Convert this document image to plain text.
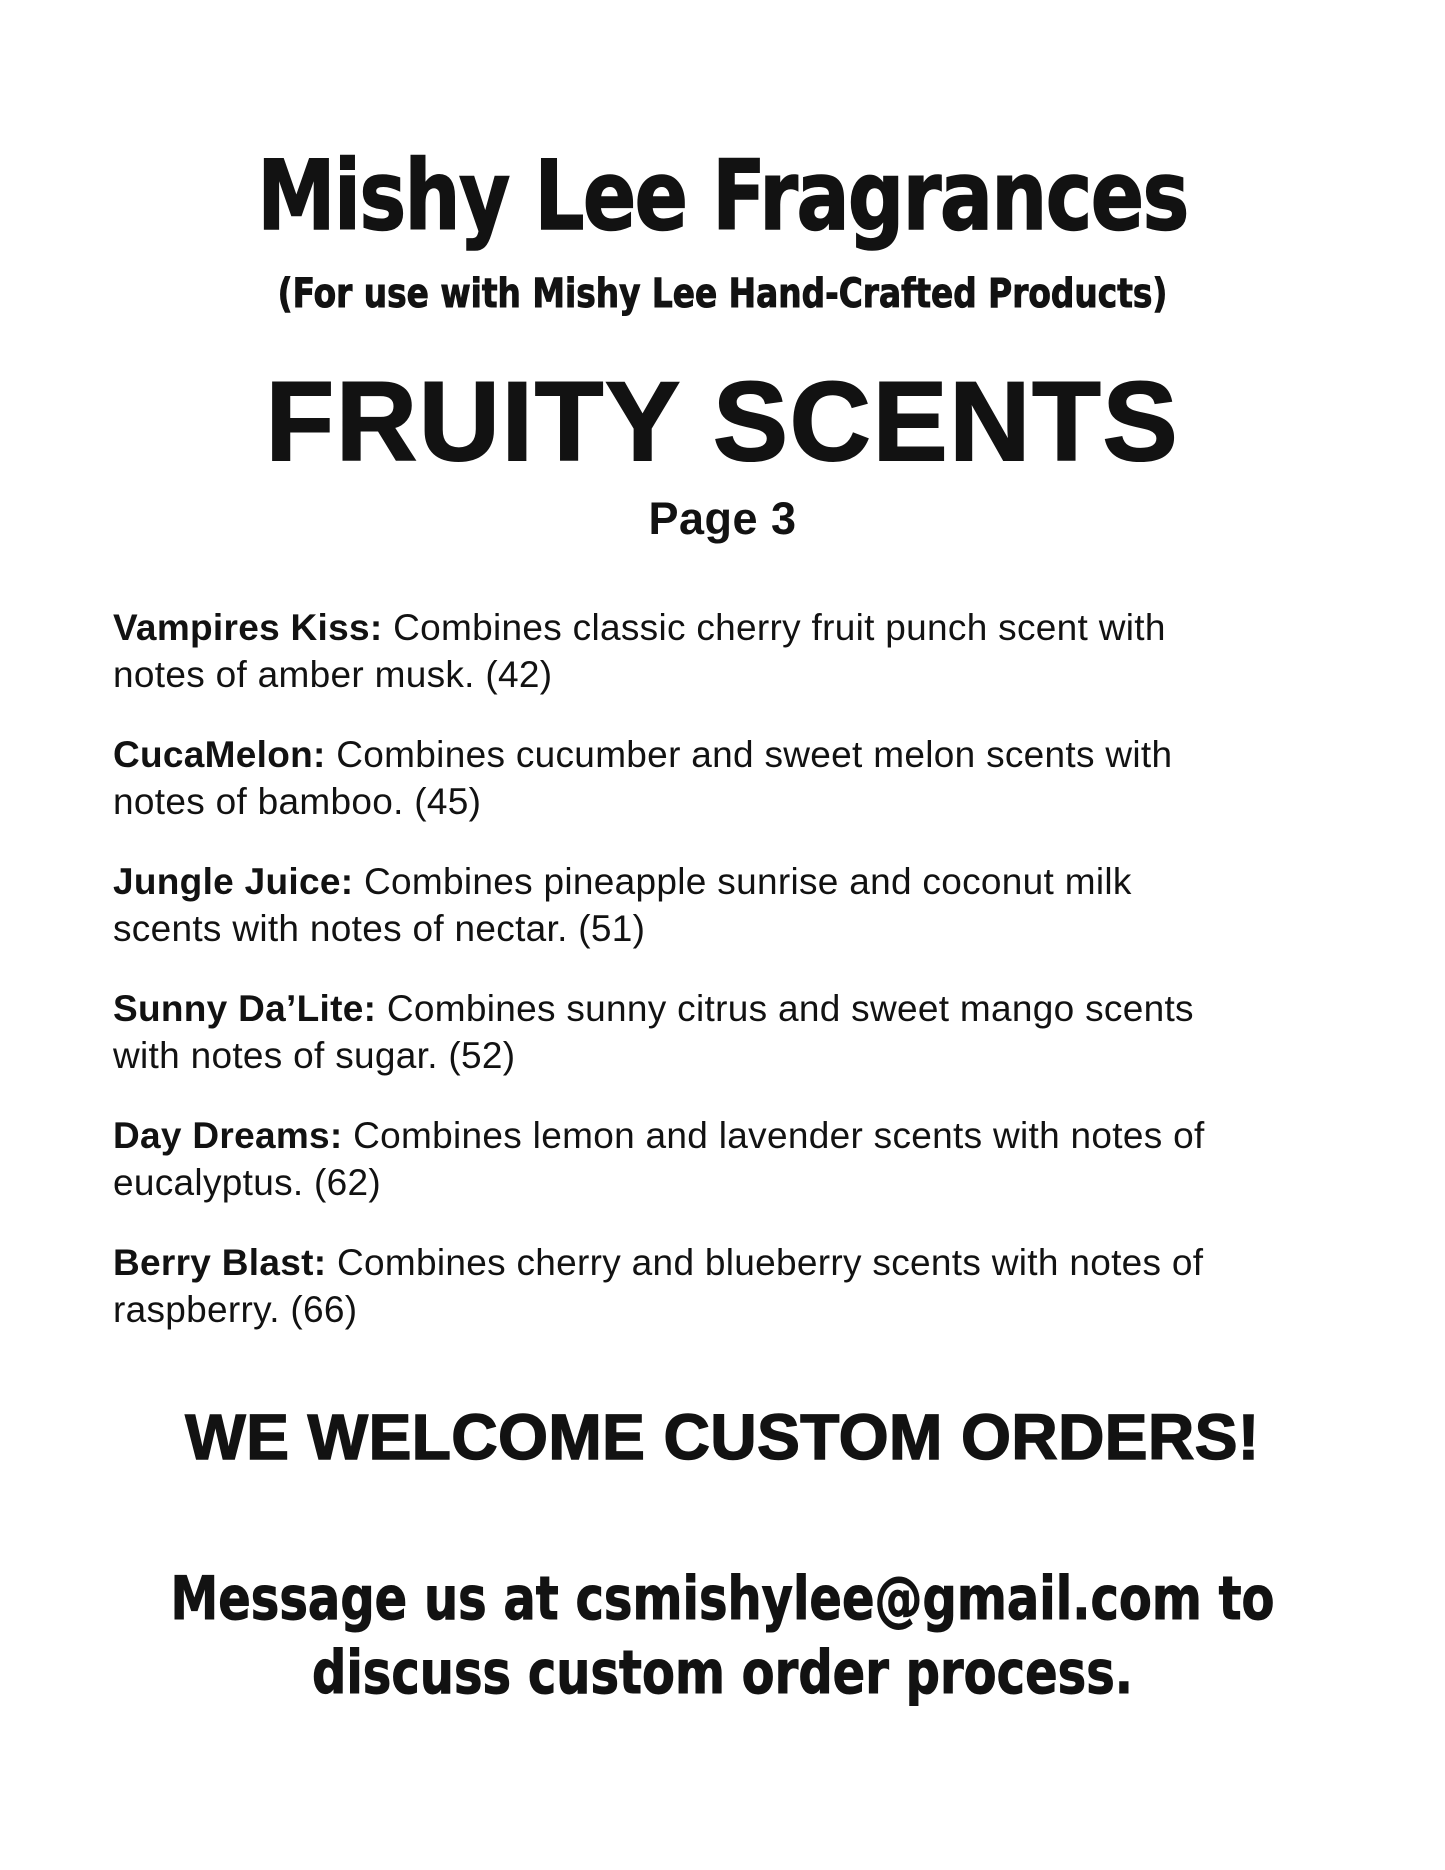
Mishy Lee Fragrances
(For use with Mishy Lee Hand-Crafted Products)
FRUITY SCENTS
Page 3

Vampires Kiss: Combines classic cherry fruit punch scent with
notes of amber musk. (42)

CucaMelon: Combines cucumber and sweet melon scents with
notes of bamboo. (45)

Jungle Juice: Combines pineapple sunrise and coconut milk
scents with notes of nectar. (51)

Sunny Da’Lite: Combines sunny citrus and sweet mango scents
with notes of sugar. (52)

Day Dreams: Combines lemon and lavender scents with notes of
eucalyptus. (62)

Berry Blast: Combines cherry and blueberry scents with notes of
raspberry. (66)

WE WELCOME CUSTOM ORDERS!
Message us at csmishylee@gmail.com to
discuss custom order process.
